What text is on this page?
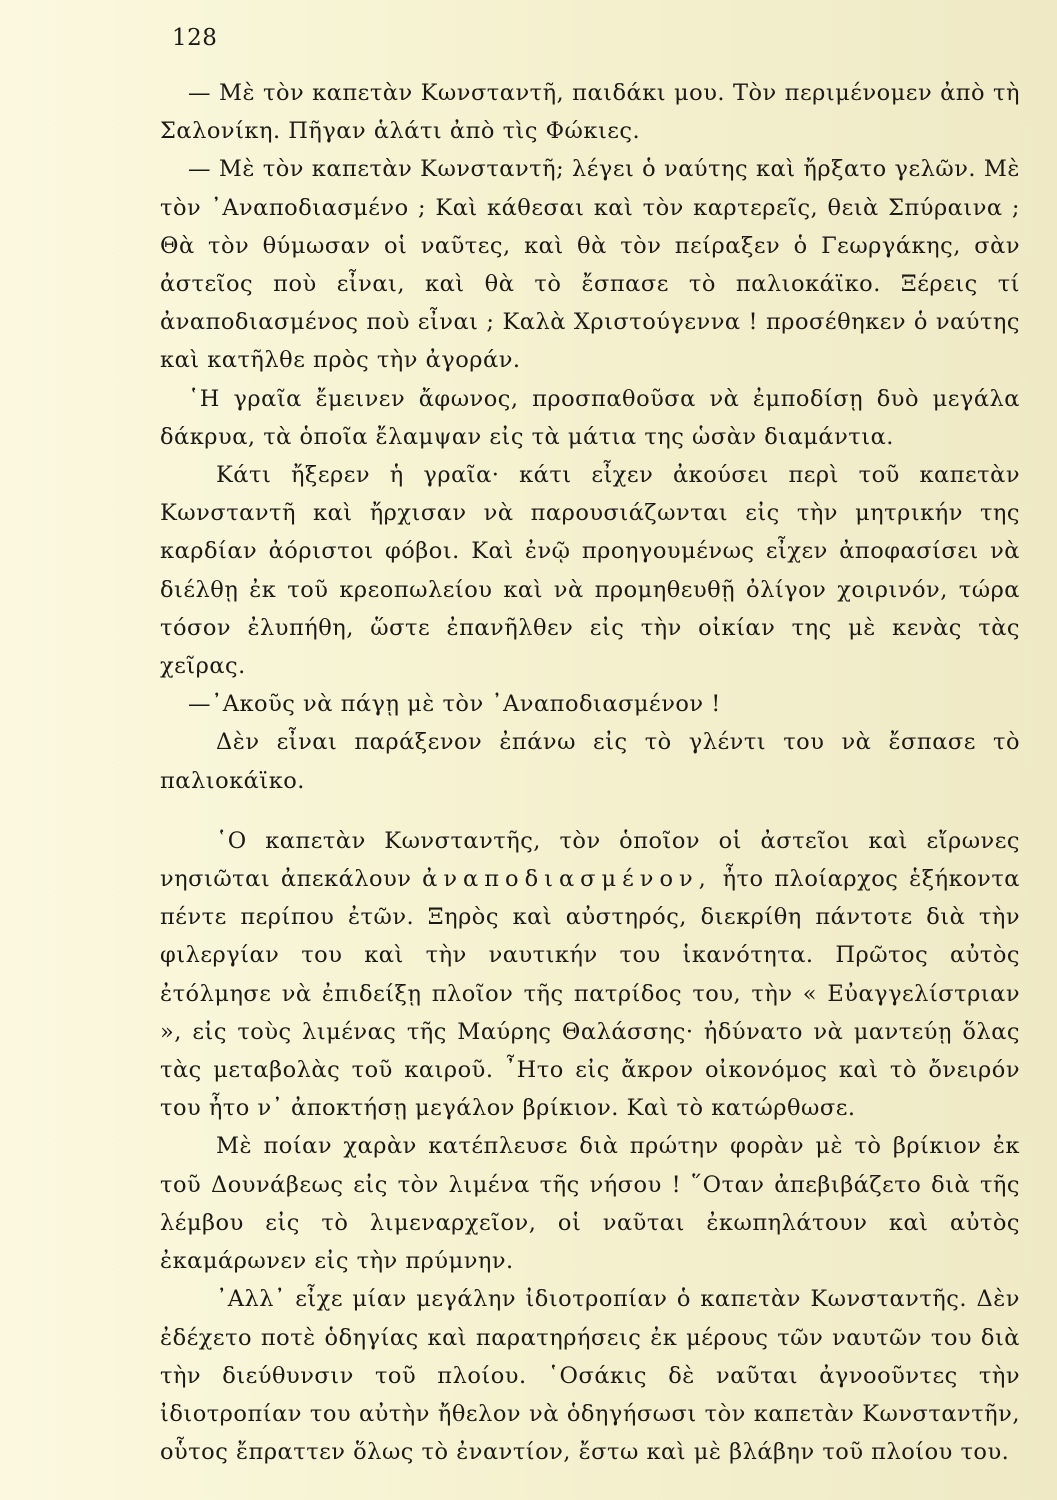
128

— Μὲ τὸν καπετὰν Κωνσταντῆ, παιδάκι μου. Τὸν περιμένομεν ἀπὸ τὴ Σαλονίκη. Πῆγαν ἁλάτι ἀπὸ τὶς Φώκιες.

— Μὲ τὸν καπετὰν Κωνσταντῆ; λέγει ὁ ναύτης καὶ ἤρξατο γελῶν. Μὲ τὸν ᾿Αναποδιασμένο ; Καὶ κάθεσαι καὶ τὸν καρτερεῖς, θειὰ Σπύραινα ; Θὰ τὸν θύμωσαν οἱ ναῦτες, καὶ θὰ τὸν πείραξεν ὁ Γεωργάκης, σὰν ἀστεῖος ποὺ εἶναι, καὶ θὰ τὸ ἔσπασε τὸ παλιοκάϊκο. Ξέρεις τί ἀναποδιασμένος ποὺ εἶναι ; Καλὰ Χριστούγεννα ! προσέθηκεν ὁ ναύτης καὶ κατῆλθε πρὸς τὴν ἀγοράν.

῾Η γραῖα ἔμεινεν ἄφωνος, προσπαθοῦσα νὰ ἐμποδίσῃ δυὸ μεγάλα δάκρυα, τὰ ὁποῖα ἔλαμψαν εἰς τὰ μάτια της ὡσὰν διαμάντια.

Κάτι ἤξερεν ἡ γραῖα· κάτι εἶχεν ἀκούσει περὶ τοῦ καπετὰν Κωνσταντῆ καὶ ἤρχισαν νὰ παρουσιάζωνται εἰς τὴν μητρικήν της καρδίαν ἀόριστοι φόβοι. Καὶ ἐνῷ προηγουμένως εἶχεν ἀποφασίσει νὰ διέλθῃ ἐκ τοῦ κρεοπωλείου καὶ νὰ προμηθευθῇ ὀλίγον χοιρινόν, τώρα τόσον ἐλυπήθη, ὥστε ἐπανῆλθεν εἰς τὴν οἰκίαν της μὲ κενὰς τὰς χεῖρας.

—᾿Ακοῦς νὰ πάγῃ μὲ τὸν ᾿Αναποδιασμένον !

Δὲν εἶναι παράξενον ἐπάνω εἰς τὸ γλέντι του νὰ ἔσπασε τὸ παλιοκάϊκο.

῾Ο καπετὰν Κωνσταντῆς, τὸν ὁποῖον οἱ ἀστεῖοι καὶ εἴρωνες νησιῶται ἀπεκάλουν ἀναποδιασμένον, ἦτο πλοίαρχος ἑξήκοντα πέντε περίπου ἐτῶν. Ξηρὸς καὶ αὐστηρός, διεκρίθη πάντοτε διὰ τὴν φιλεργίαν του καὶ τὴν ναυτικήν του ἱκανότητα. Πρῶτος αὐτὸς ἐτόλμησε νὰ ἐπιδείξῃ πλοῖον τῆς πατρίδος του, τὴν « Εὐαγγελίστριαν », εἰς τοὺς λιμένας τῆς Μαύρης Θαλάσσης· ἠδύνατο νὰ μαντεύῃ ὅλας τὰς μεταβολὰς τοῦ καιροῦ. ῏Ητο εἰς ἄκρον οἰκονόμος καὶ τὸ ὄνειρόν του ἦτο ν᾿ ἀποκτήσῃ μεγάλον βρίκιον. Καὶ τὸ κατώρθωσε.

Μὲ ποίαν χαρὰν κατέπλευσε διὰ πρώτην φορὰν μὲ τὸ βρίκιον ἐκ τοῦ Δουνάβεως εἰς τὸν λιμένα τῆς νήσου ! ῞Οταν ἀπεβιβάζετο διὰ τῆς λέμβου εἰς τὸ λιμεναρχεῖον, οἱ ναῦται ἐκωπηλάτουν καὶ αὐτὸς ἐκαμάρωνεν εἰς τὴν πρύμνην.

᾿Αλλ᾿ εἶχε μίαν μεγάλην ἰδιοτροπίαν ὁ καπετὰν Κωνσταντῆς. Δὲν ἐδέχετο ποτὲ ὁδηγίας καὶ παρατηρήσεις ἐκ μέρους τῶν ναυτῶν του διὰ τὴν διεύθυνσιν τοῦ πλοίου. ῾Οσάκις δὲ ναῦται ἀγνοοῦντες τὴν ἰδιοτροπίαν του αὐτὴν ἤθελον νὰ ὁδηγήσωσι τὸν καπετὰν Κωνσταντῆν, οὗτος ἔπραττεν ὅλως τὸ ἐναντίον, ἔστω καὶ μὲ βλάβην τοῦ πλοίου του.
